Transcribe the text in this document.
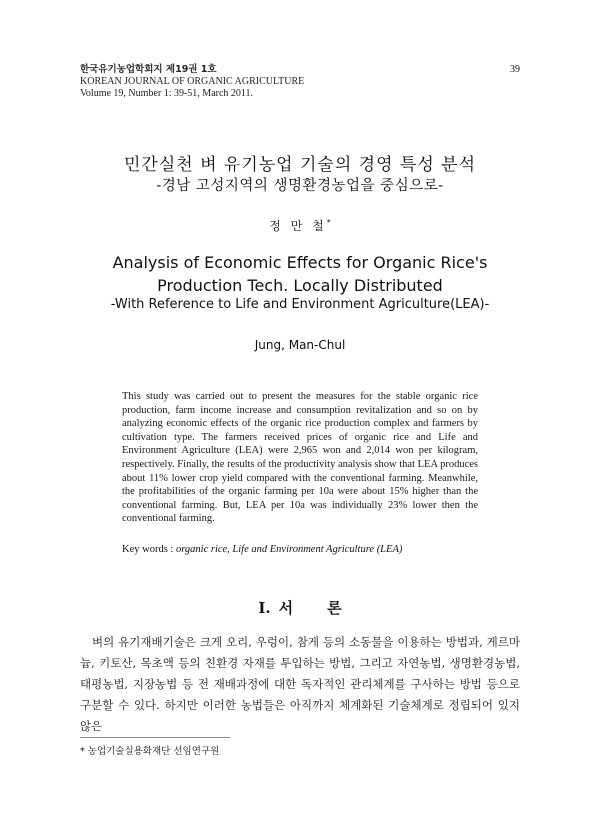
한국유기농업학회지 제19권 1호
KOREAN JOURNAL OF ORGANIC AGRICULTURE
Volume 19, Number 1: 39-51, March 2011.
39
민간실천 벼 유기농업 기술의 경영 특성 분석
-경남 고성지역의 생명환경농업을 중심으로-
정 만 철*
Analysis of Economic Effects for Organic Rice's
Production Tech. Locally Distributed
-With Reference to Life and Environment Agriculture(LEA)-
Jung, Man-Chul
This study was carried out to present the measures for the stable organic rice production, farm income increase and consumption revitalization and so on by analyzing economic effects of the organic rice production complex and farmers by cultivation type. The farmers received prices of organic rice and Life and Environment Agriculture (LEA) were 2,965 won and 2,014 won per kilogram, respectively. Finally, the results of the productivity analysis show that LEA produces about 11% lower crop yield compared with the conventional farming. Meanwhile, the profitabilities of the organic farming per 10a were about 15% higher than the conventional farming. But, LEA per 10a was individually 23% lower then the conventional farming.
Key words : organic rice, Life and Environment Agriculture (LEA)
Ⅰ. 서 론
벼의 유기재배기술은 크게 오리, 우렁이, 참게 등의 소동물을 이용하는 방법과, 게르마늄, 키토산, 목초액 등의 친환경 자재를 투입하는 방법, 그리고 자연농법, 생명환경농법, 태평농법, 지장농법 등 전 재배과정에 대한 독자적인 관리체계를 구사하는 방법 등으로 구분할 수 있다. 하지만 이러한 농법들은 아직까지 체계화된 기술체계로 정립되어 있지 않은
* 농업기술실용화재단 선임연구원
